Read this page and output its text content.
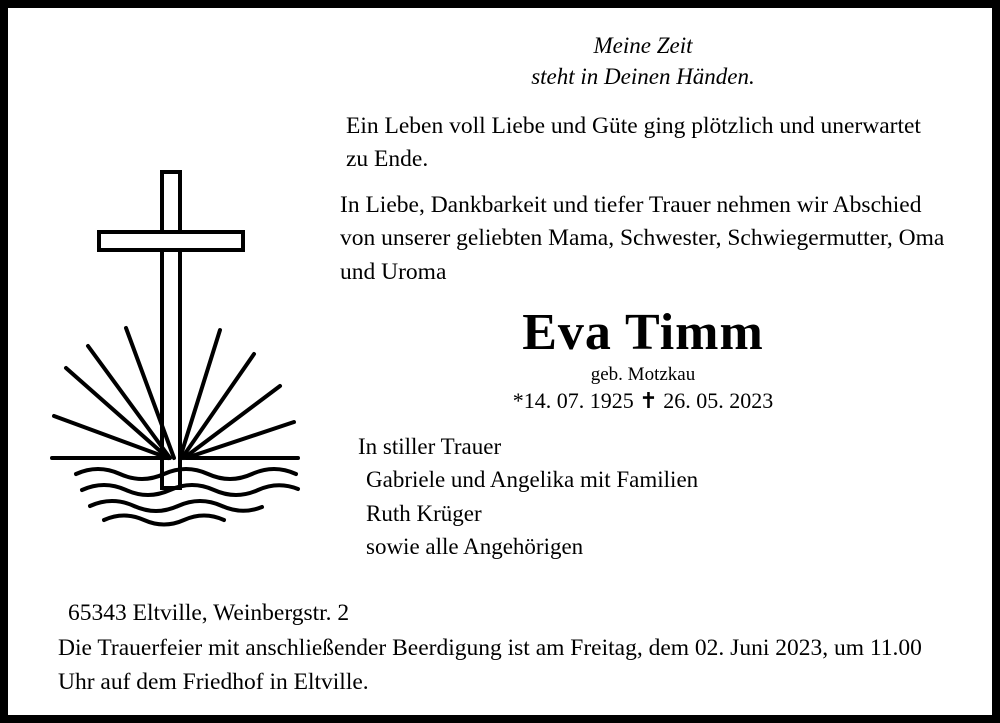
Meine Zeit
steht in Deinen Händen.
Ein Leben voll Liebe und Güte ging plötzlich und unerwartet zu Ende.
In Liebe, Dankbarkeit und tiefer Trauer nehmen wir Abschied von unserer geliebten Mama, Schwester, Schwiegermutter, Oma und Uroma
Eva Timm
geb. Motzkau
*14. 07. 1925 ✝ 26. 05. 2023
In stiller Trauer
Gabriele und Angelika mit Familien
Ruth Krüger
sowie alle Angehörigen
65343 Eltville, Weinbergstr. 2
Die Trauerfeier mit anschließender Beerdigung ist am Freitag, dem 02. Juni 2023, um 11.00 Uhr auf dem Friedhof in Eltville.
